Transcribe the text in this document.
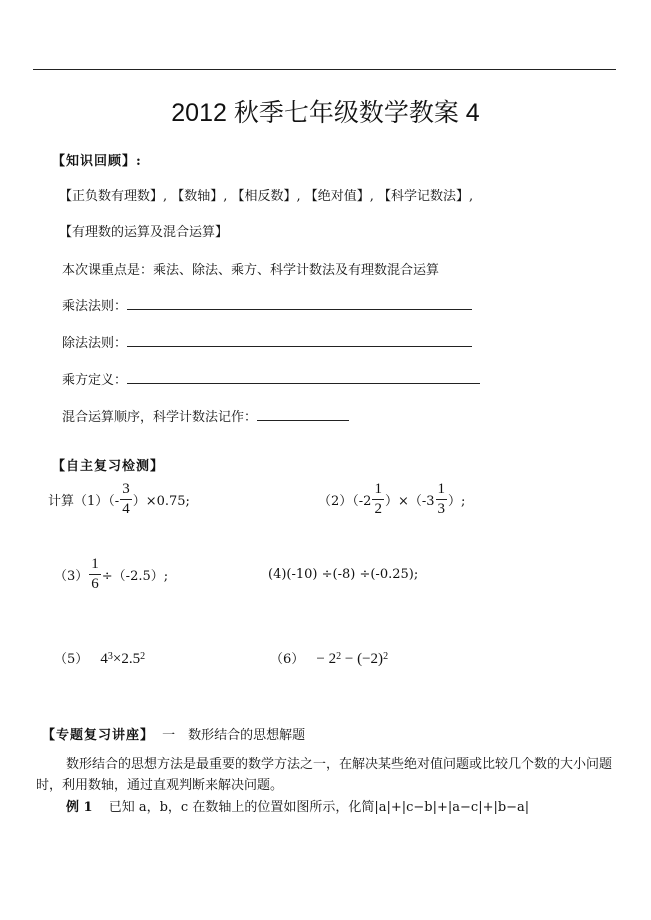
2012 秋季七年级数学教案 4
【知识回顾】:
【正负数有理数】, 【数轴】, 【相反数】, 【绝对值】, 【科学记数法】,
【有理数的运算及混合运算】
本次课重点是：乘法、除法、乘方、科学计数法及有理数混合运算
乘法法则：
除法法则：
乘方定义：
混合运算顺序，科学计数法记作：
【自主复习检测】
计算 $(1)(- \frac{3}{4} )\times 0.75$;	$(2)(-2 \frac{1}{2} )\times(-3 \frac{1}{3}$ ）;
$(3) \frac{1}{6} \div(-2.5)$;	(4)(-10) ÷(-8) ÷(-0.25);
（5） $4^3\times 2.5^2$	$(6) - 2^2 - (-2)^2$
【专题复习讲座】 一　数形结合的思想解题
数形结合的思想方法是最重要的数学方法之一，在解决某些绝对值问题或比较几个数的大小问题时，利用数轴，通过直观判断来解决问题。
例 1 已知 a，b，c 在数轴上的位置如图所示，化简|a|+|c−b|+|a−c|+|b−a|
